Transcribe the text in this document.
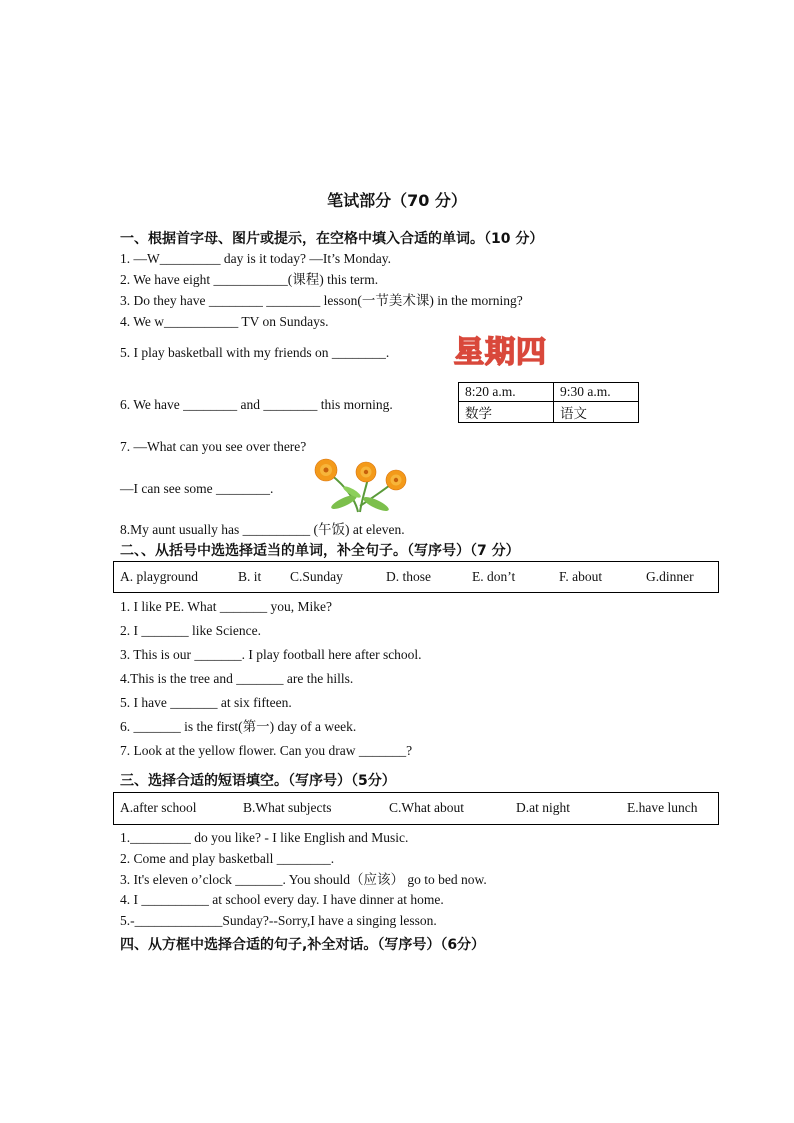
笔试部分（70 分）
一、根据首字母、图片或提示，在空格中填入合适的单词。（10 分）
1. —W_________ day is it today? —It’s Monday.
2. We have eight ___________(课程) this term.
3. Do they have ________ ________ lesson(一节美术课) in the morning?
4. We w___________ TV on Sundays.
5. I play basketball with my friends on ________. 星期四
6. We have ________ and ________ this morning.
8:20 a.m.	9:30 a.m.
数学	语文
7. —What can you see over there?
—I can see some ________.
8.My aunt usually has __________ (午饭) at eleven.
二、、从括号中选选择适当的单词，补全句子。（写序号）（7 分）
A. playground	B. it C.Sunday	D. those	E. don’t	F. about	G.dinner
1. I like PE. What _______ you, Mike?
2. I _______ like Science.
3. This is our _______. I play football here after school.
4.This is the tree and _______ are the hills.
5. I have _______ at six fifteen.
6. _______ is the first(第一) day of a week.
7. Look at the yellow flower. Can you draw _______?
三、选择合适的短语填空。（写序号）（5分）
A.after school	B.What subjects	C.What about	D.at night	E.have lunch
1._________ do you like? - I like English and Music.
2. Come and play basketball ________.
3. It's eleven o’clock _______. You should（应该） go to bed now.
4. I __________ at school every day. I have dinner at home.
5.-_____________Sunday?--Sorry,I have a singing lesson.
四、从方框中选择合适的句子,补全对话。（写序号）（6分）
